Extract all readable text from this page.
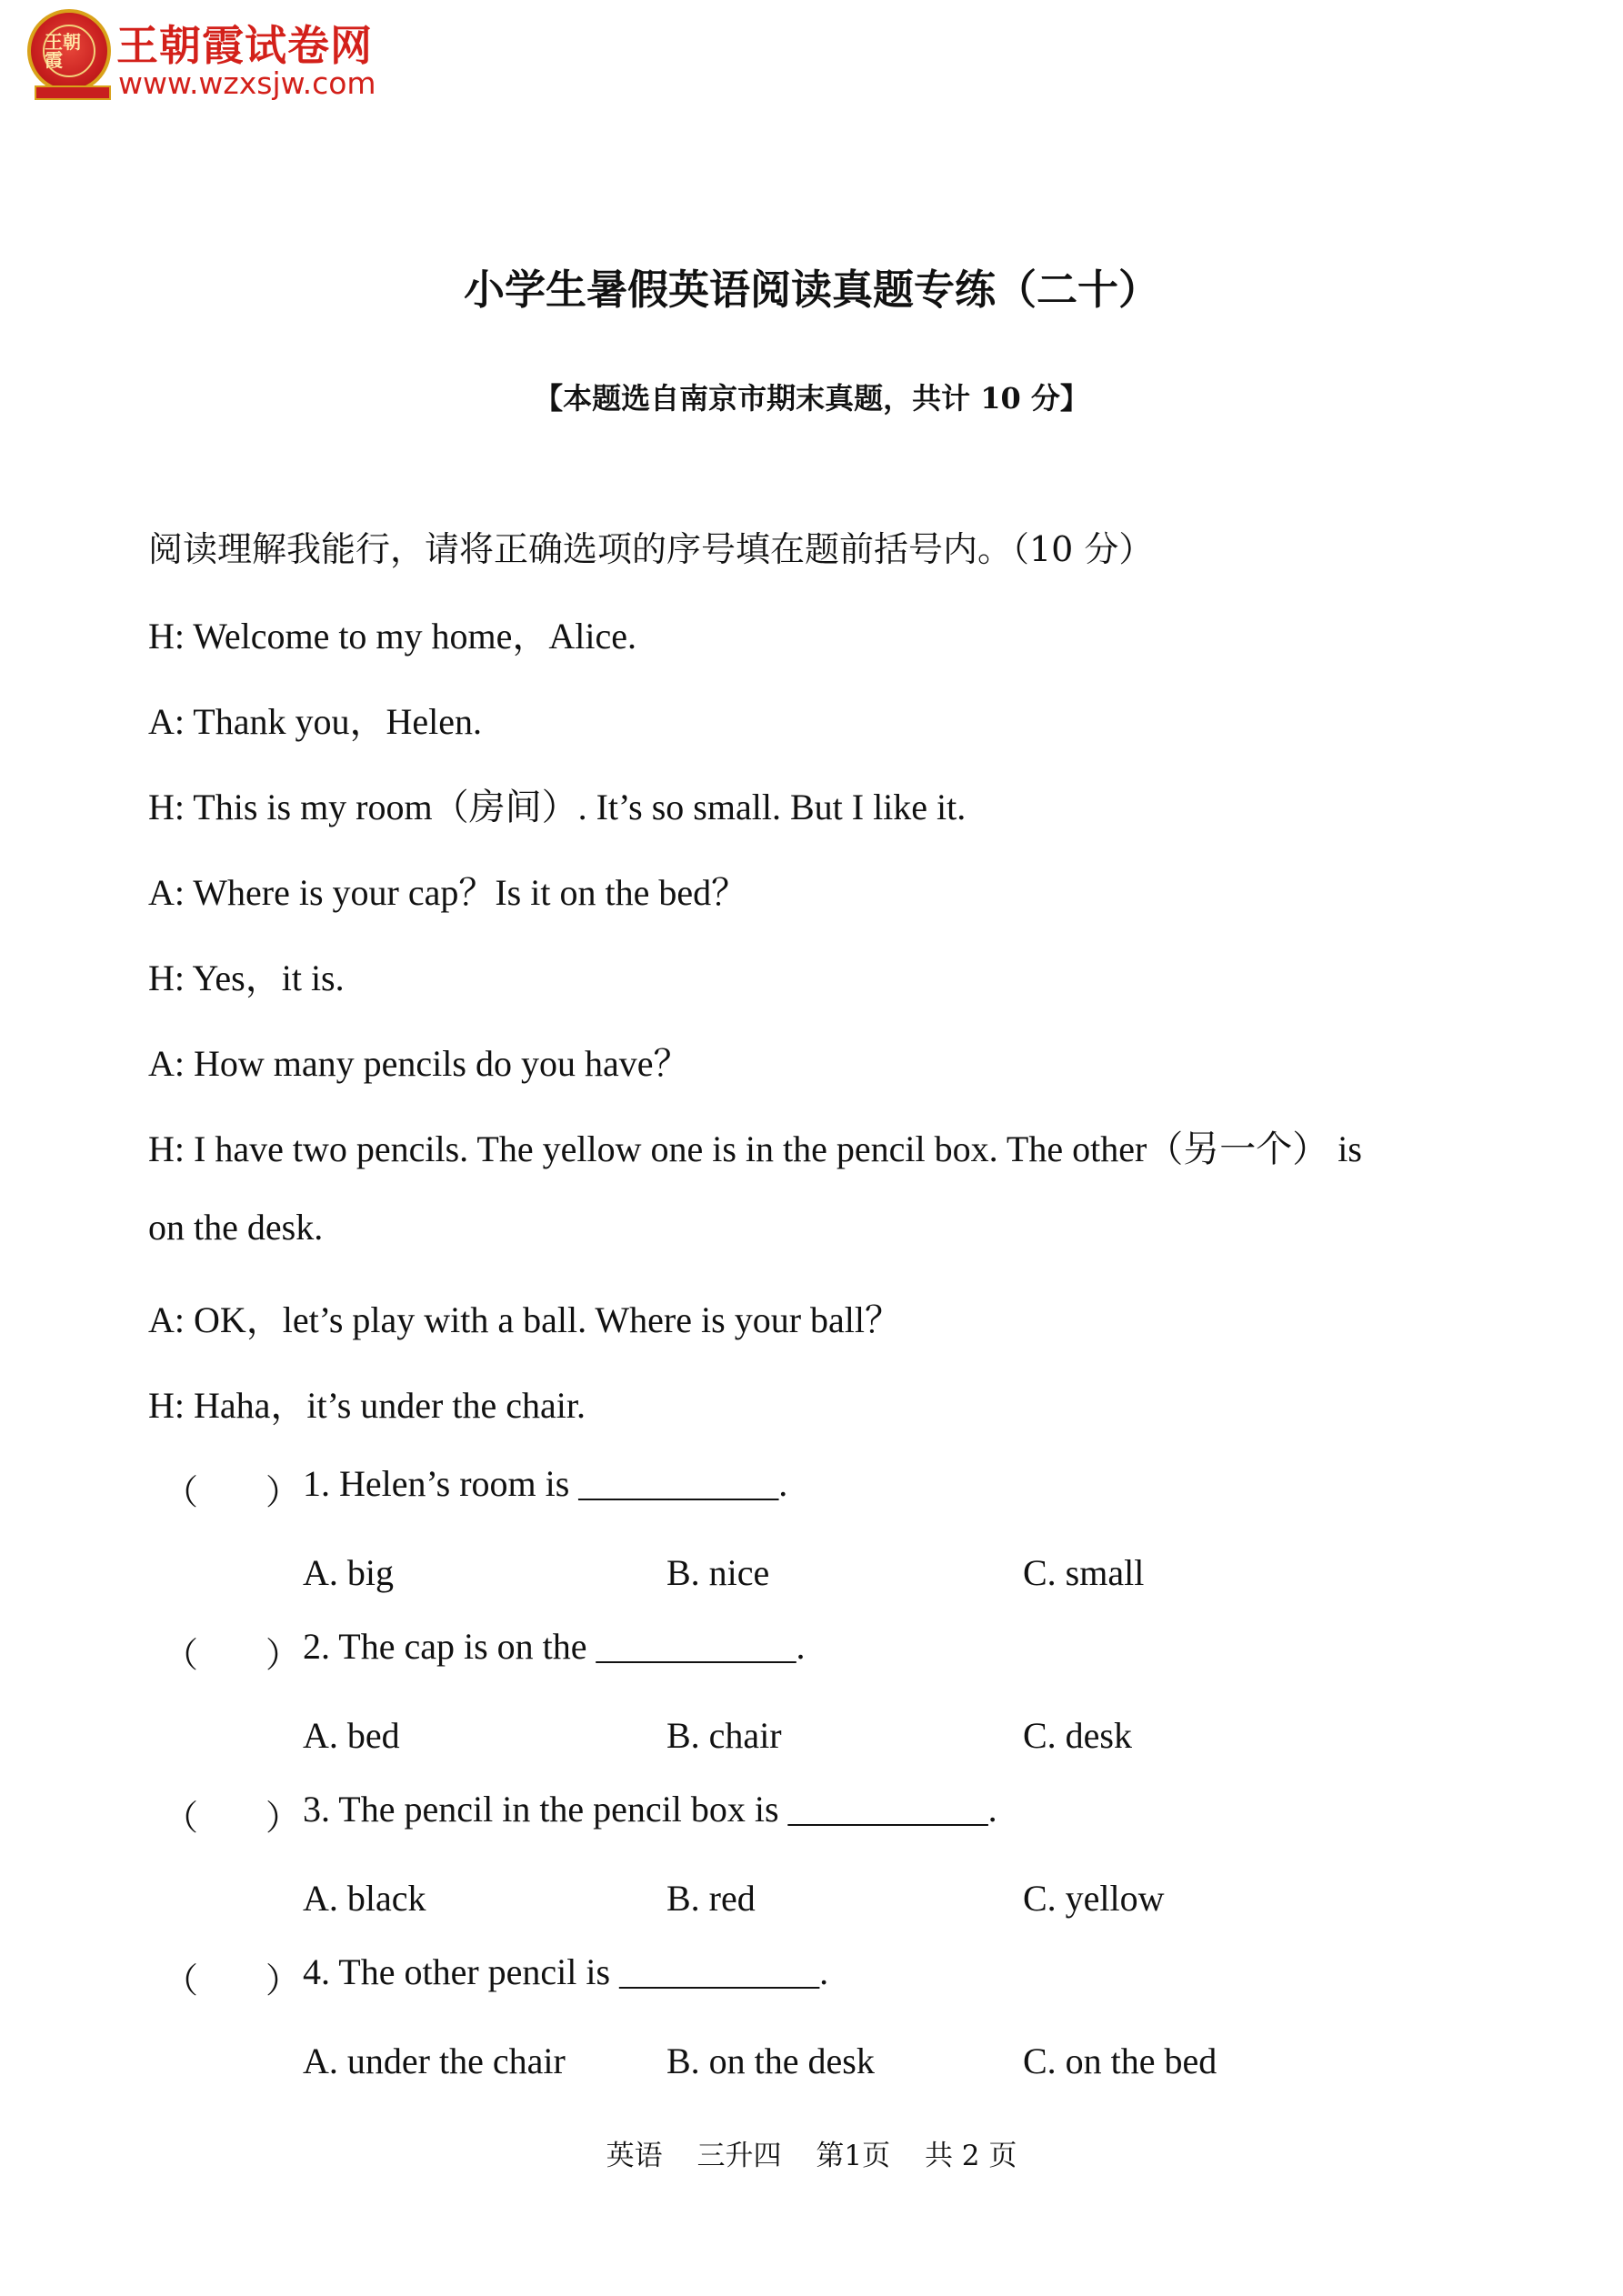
王朝霞	王朝霞试卷网
www.wzxsjw.com
小学生暑假英语阅读真题专练（二十）

【本题选自南京市期末真题，共计 10 分】

阅读理解我能行，请将正确选项的序号填在题前括号内。（10 分）

H: Welcome to my home，Alice.

A: Thank you，Helen.

H: This is my room（房间）. It’s so small. But I like it.

A: Where is your cap？Is it on the bed？

H: Yes，it is.

A: How many pencils do you have？

H: I have two pencils. The yellow one is in the pencil box. The other（另一个） is

on the desk.

A: OK，let’s play with a ball. Where is your ball？

H: Haha，it’s under the chair.

（ ） 1. Helen’s room is ___________.
A. big	B. nice	C. small
（ ） 2. The cap is on the ___________.
A. bed	B. chair	C. desk
（ ） 3. The pencil in the pencil box is ___________.
A. black	B. red	C. yellow
（ ） 4. The other pencil is ___________.
A. under the chair	B. on the desk	C. on the bed

英语 三升四 第1页 共 2 页
